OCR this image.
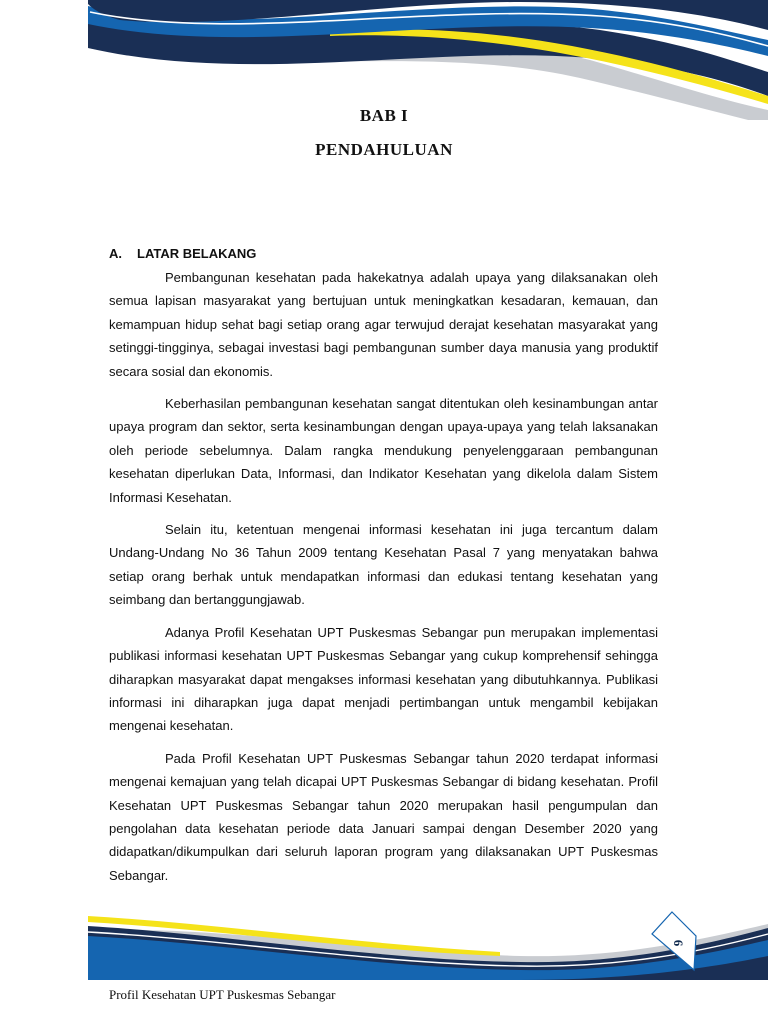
BAB I
PENDAHULUAN
A. LATAR BELAKANG

Pembangunan kesehatan pada hakekatnya adalah upaya yang dilaksanakan oleh semua lapisan masyarakat yang bertujuan untuk meningkatkan kesadaran, kemauan, dan kemampuan hidup sehat bagi setiap orang agar terwujud derajat kesehatan masyarakat yang setinggi-tingginya, sebagai investasi bagi pembangunan sumber daya manusia yang produktif secara sosial dan ekonomis.

Keberhasilan pembangunan kesehatan sangat ditentukan oleh kesinambungan antar upaya program dan sektor, serta kesinambungan dengan upaya-upaya yang telah laksanakan oleh periode sebelumnya. Dalam rangka mendukung penyelenggaraan pembangunan kesehatan diperlukan Data, Informasi, dan Indikator Kesehatan yang dikelola dalam Sistem Informasi Kesehatan.

Selain itu, ketentuan mengenai informasi kesehatan ini juga tercantum dalam Undang-Undang No 36 Tahun 2009 tentang Kesehatan Pasal 7 yang menyatakan bahwa setiap orang berhak untuk mendapatkan informasi dan edukasi tentang kesehatan yang seimbang dan bertanggungjawab.

Adanya Profil Kesehatan UPT Puskesmas Sebangar pun merupakan implementasi publikasi informasi kesehatan UPT Puskesmas Sebangar yang cukup komprehensif sehingga diharapkan masyarakat dapat mengakses informasi kesehatan yang dibutuhkannya. Publikasi informasi ini diharapkan juga dapat menjadi pertimbangan untuk mengambil kebijakan mengenai kesehatan.

Pada Profil Kesehatan UPT Puskesmas Sebangar tahun 2020 terdapat informasi mengenai kemajuan yang telah dicapai UPT Puskesmas Sebangar di bidang kesehatan. Profil Kesehatan UPT Puskesmas Sebangar tahun 2020 merupakan hasil pengumpulan dan pengolahan data kesehatan periode data Januari sampai dengan Desember 2020 yang didapatkan/dikumpulkan dari seluruh laporan program yang dilaksanakan UPT Puskesmas Sebangar.

6
Profil Kesehatan UPT Puskesmas Sebangar
